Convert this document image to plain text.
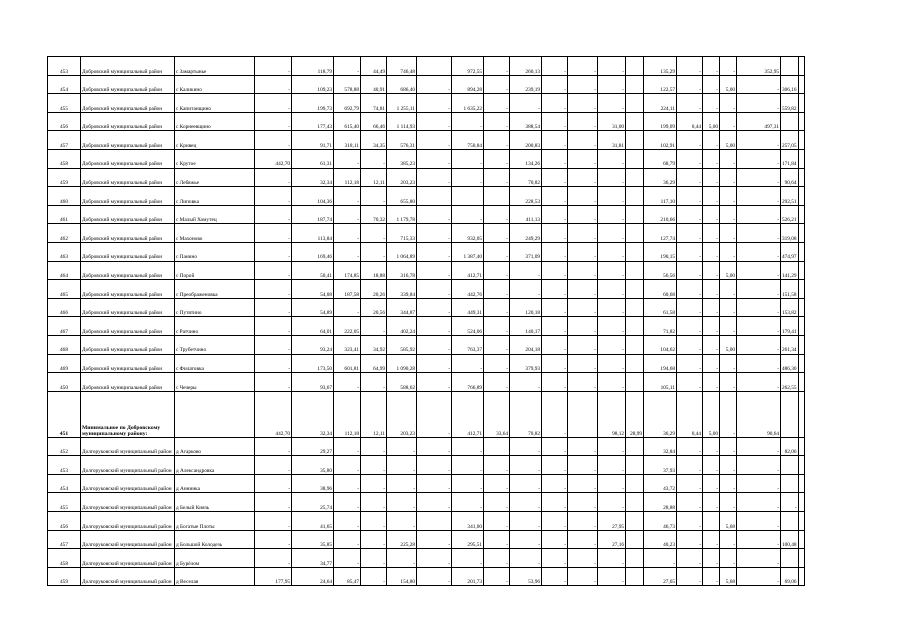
453	Добровский муниципальный район	с Замартынье	-	118,79	-	44,49	746,48		972,55	-	260,13	-	-	-		135,29	-	-	-	352,95		
454	Добровский муниципальный район	с Каликино	-	109,23	578,88	40,91	686,40	-	894,28	-	239,19	-	-	-		122,57	-	-	5,00	-	306,16	
455	Добровский муниципальный район	с Капитанщино	-	199,73	692,79	74,81	1 255,11	-	1 635,22	-	-	-	-	-		224,11	-	-	-	-	559,82	
456	Добровский муниципальный район	с Корнеевщино	-	177,43	615,40	66,46	1 114,93	-	-	-	388,54	-	-	31,00		199,09	0,44	5,00	-	497,31		
457	Добровский муниципальный район	с Кривец	-	91,71	318,11	34,35	576,31	-	750,84	-	200,83	-	-	31,81		102,91	-	-	5,00	-	257,05	
458	Добровский муниципальный район	с Крутое	442,70	61,31	-	-	385,23	-	-	-	134,26	-	-	-		68,79	-	-	-	-	171,84	
459	Добровский муниципальный район	с Лебяжье	-	32,34	112,18	12,11	203,23	-	-	-	70,82	-	-	-		36,29	-	-	-	-	90,64	
460	Добровский муниципальный район	с Липовка	-	104,36	-	-	655,80				228,53	-	-	-		117,10	-	-	-	-	292,51	
461	Добровский муниципальный район	с Малый Хомутец	-	187,74	-	70,32	1 179,78	-	-	-	411,13	-	-	-		210,66	-	-	-	-	526,21	
462	Добровский муниципальный район	с Махоново	-	113,84	-	-	715,33	-	932,05	-	249,29	-	-	-		127,74	-	-	-	-	319,08	
463	Добровский муниципальный район	с Панино	-	169,46	-	-	1 064,89	-	1 387,40	-	371,09	-	-	-		190,15	-	-	-	-	474,97	
464	Добровский муниципальный район	с Порой	-	50,41	174,85	18,88	316,78	-	412,71	-	-	-	-	-		56,56	-	-	5,00	-	141,29	
465	Добровский муниципальный район	с Преображеновка	-	54,08	187,58	20,26	339,84	-	442,76	-	-	-	-	-		60,68	-	-	-	-	151,58	
466	Добровский муниципальный район	с Путятино	-	54,89	-	20,56	344,87	-	449,31	-	120,18	-	-	-		61,58	-	-	-	-	153,82	
467	Добровский муниципальный район	с Ратчино	-	64,01	222,05	-	402,24	-	524,06	-	140,17	-	-	-		71,82	-	-	-	-	179,41	
468	Добровский муниципальный район	с Трубетчино	-	93,24	323,41	34,92	585,92	-	763,37	-	204,18	-	-	-		104,62	-	-	5,00	-	261,34	
469	Добровский муниципальный район	с Филатовка	-	173,50	601,81	64,99	1 090,28	-	-	-	379,93	-	-	-		194,68	-	-	-	-	486,30	
450	Добровский муниципальный район	с Чечеры	-	93,67	-	-	588,62	-	766,89	-	-	-	-	-		105,11	-	-	-	-	262,55	
451	Минимальное по Добровскому муниципальному району:		442,70	32,34	112,18	12,11	203,23	-	412,71	33,64	70,82	-		98,12	28,99	36,29	0,44	5,00	-	90,64		
452	Долгоруковский муниципальный район	д Агарково	-	29,27	-	-	-	-	-		-	-	-	-		32,84	-	-	-	-	82,06	
453	Долгоруковский муниципальный район	д Александровка	-	35,80	-	-	-	-	-	-	-	-	-	-		37,93	-	-	-	-		
454	Долгоруковский муниципальный район	д Аннинка	-	38,96	-	-	-	-	-	-	-	-	-	-		43,72	-	-	-	-		
455	Долгоруковский муниципальный район	д Белый Князь	-	25,74	-	-	-	-	-	-	-	-	-	-		28,88	-	-	-	-	-	
456	Долгоруковский муниципальный район	д Богатые Плоты	-	41,65	-	-	-		341,00	-	-	-	-	27,95		46,73	-		5,68	-		
457	Долгоруковский муниципальный район	д Большой Колодезь	-	35,85	-	-	225,28	-	295,51	-	-	-	-	27,16		40,23	-	-	-	-	100,48	
458	Долгоруковский муниципальный район	д Бурёлом	-	34,77	-	-	-	-	-	-	-	-	-	-		-	-	-	-	-		
459	Долгоруковский муниципальный район	д Веселая	177,95	24,64	85,47	-	154,80	-	201,73	-	53,96	-	-	-		27,65	-	-	5,68	-	69,06	
